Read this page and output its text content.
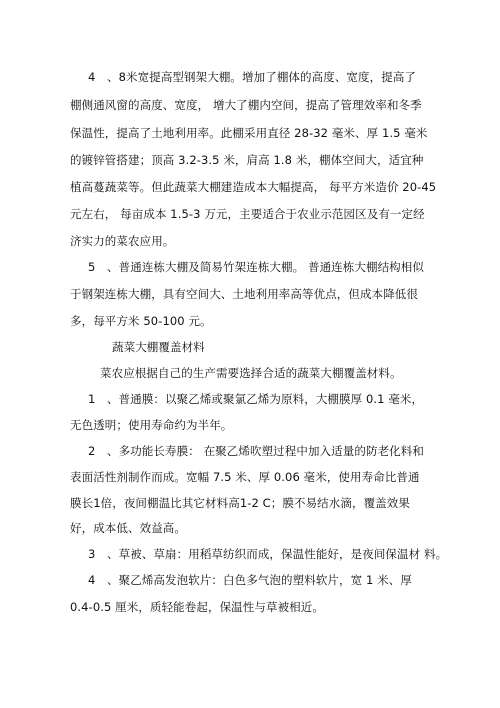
4　、8米宽提高型钢架大棚。增加了棚体的高度、宽度，提高了
棚侧通风窗的高度、宽度， 增大了棚内空间，提高了管理效率和冬季
保温性，提高了土地利用率。此棚采用直径 28-32 毫米、厚 1.5 毫米
的镀锌管搭建；顶高 3.2-3.5 米，肩高 1.8 米，棚体空间大，适宜种
植高蔓蔬菜等。但此蔬菜大棚建造成本大幅提高， 每平方米造价 20-45
元左右， 每亩成本 1.5-3 万元，主要适合于农业示范园区及有一定经
济实力的菜农应用。
5　、普通连栋大棚及简易竹架连栋大棚。 普通连栋大棚结构相似
于钢架连栋大棚，具有空间大、土地利用率高等优点，但成本降低很
多，每平方米 50-100 元。
蔬菜大棚覆盖材料
菜农应根据自己的生产需要选择合适的蔬菜大棚覆盖材料。
1　、普通膜：以聚乙烯或聚氯乙烯为原料，大棚膜厚 0.1 毫米，
无色透明；使用寿命约为半年。
2　、多功能长寿膜： 在聚乙烯吹塑过程中加入适量的防老化料和
表面活性剂制作而成。宽幅 7.5 米、厚 0.06 毫米，使用寿命比普通
膜长1倍，夜间棚温比其它材料高1-2 C；膜不易结水滴，覆盖效果
好，成本低、效益高。
3　、草被、草扇：用稻草纺织而成，保温性能好，是夜间保温材 料。
4　、聚乙烯高发泡软片：白色多气泡的塑料软片，宽 1 米、厚
0.4-0.5 厘米，质轻能卷起，保温性与草被相近。
